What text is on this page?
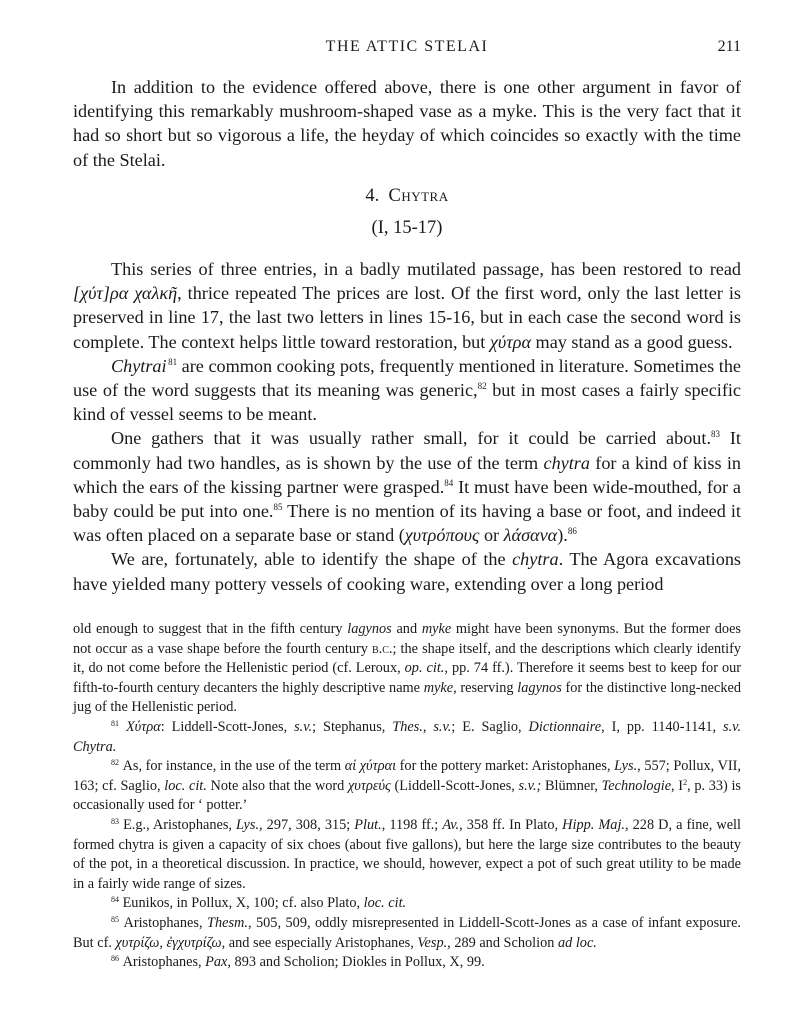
THE ATTIC STELAI	211

In addition to the evidence offered above, there is one other argument in favor of identifying this remarkably mushroom-shaped vase as a myke. This is the very fact that it had so short but so vigorous a life, the heyday of which coincides so exactly with the time of the Stelai.

4. Chytra
(I, 15-17)

This series of three entries, in a badly mutilated passage, has been restored to read [χύτ]ρα χαλκῆ, thrice repeated The prices are lost. Of the first word, only the last letter is preserved in line 17, the last two letters in lines 15-16, but in each case the second word is complete. The context helps little toward restoration, but χύτρα may stand as a good guess.

Chytrai  $^{81}$ are common cooking pots, frequently mentioned in literature. Sometimes the use of the word suggests that its meaning was generic,$^{82}$ but in most cases a fairly specific kind of vessel seems to be meant.

One gathers that it was usually rather small, for it could be carried about.$^{83}$ It commonly had two handles, as is shown by the use of the term chytra for a kind of kiss in which the ears of the kissing partner were grasped.$^{84}$ It must have been wide-mouthed, for a baby could be put into one.$^{85}$ There is no mention of its having a base or foot, and indeed it was often placed on a separate base or stand (χυτρόπους or λάσανα).$^{86}$

We are, fortunately, able to identify the shape of the chytra. The Agora excavations have yielded many pottery vessels of cooking ware, extending over a long period

old enough to suggest that in the fifth century lagynos and myke might have been synonyms. But the former does not occur as a vase shape before the fourth century b.c.; the shape itself, and the descriptions which clearly identify it, do not come before the Hellenistic period (cf. Leroux, op. cit., pp. 74 ff.). Therefore it seems best to keep for our fifth-to-fourth century decanters the highly descriptive name myke, reserving lagynos for the distinctive long-necked jug of the Hellenistic period.

$^{81}$ Χύτρα: Liddell-Scott-Jones, s.v.; Stephanus, Thes., s.v.; E. Saglio, Dictionnaire, I, pp. 1140-1141, s.v. Chytra.

$^{82}$ As, for instance, in the use of the term αἱ χύτραι for the pottery market: Aristophanes, Lys., 557; Pollux, VII, 163; cf. Saglio, loc. cit. Note also that the word χυτρεύς (Liddell-Scott-Jones, s.v.; Blümner, Technologie, $I^2$, p. 33) is occasionally used for ‘ potter.’

$^{83}$ E.g., Aristophanes, Lys., 297, 308, 315; Plut., 1198 ff.; Av., 358 ff. In Plato, Hipp. Maj., 228 D, a fine, well formed chytra is given a capacity of six choes (about five gallons), but here the large size contributes to the beauty of the pot, in a theoretical discussion. In practice, we should, however, expect a pot of such great utility to be made in a fairly wide range of sizes.

$^{84}$ Eunikos, in Pollux, X, 100; cf. also Plato, loc. cit.

$^{85}$ Aristophanes, Thesm., 505, 509, oddly misrepresented in Liddell-Scott-Jones as a case of infant exposure. But cf. χυτρίζω, ἐγχυτρίζω, and see especially Aristophanes, Vesp., 289 and Scholion ad loc.

$^{86}$ Aristophanes, Pax, 893 and Scholion; Diokles in Pollux, X, 99.
